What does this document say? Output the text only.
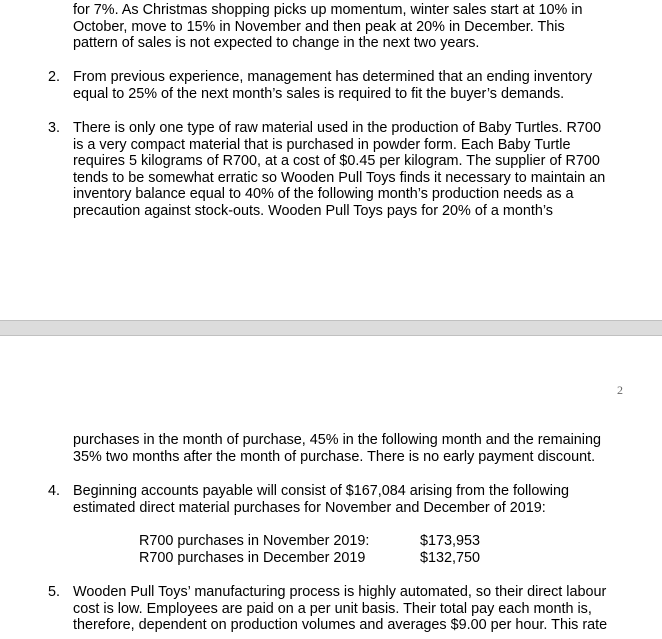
for 7%. As Christmas shopping picks up momentum, winter sales start at 10% in
October, move to 15% in November and then peak at 20% in December. This
pattern of sales is not expected to change in the next two years.
2. From previous experience, management has determined that an ending inventory
equal to 25% of the next month’s sales is required to fit the buyer’s demands.
3. There is only one type of raw material used in the production of Baby Turtles. R700
is a very compact material that is purchased in powder form. Each Baby Turtle
requires 5 kilograms of R700, at a cost of $0.45 per kilogram. The supplier of R700
tends to be somewhat erratic so Wooden Pull Toys finds it necessary to maintain an
inventory balance equal to 40% of the following month’s production needs as a
precaution against stock-outs. Wooden Pull Toys pays for 20% of a month’s
2
purchases in the month of purchase, 45% in the following month and the remaining
35% two months after the month of purchase. There is no early payment discount.
4. Beginning accounts payable will consist of $167,084 arising from the following
estimated direct material purchases for November and December of 2019:
R700 purchases in November 2019:	$173,953
R700 purchases in December 2019	$132,750
5. Wooden Pull Toys’ manufacturing process is highly automated, so their direct labour
cost is low. Employees are paid on a per unit basis. Their total pay each month is,
therefore, dependent on production volumes and averages $9.00 per hour. This rate
